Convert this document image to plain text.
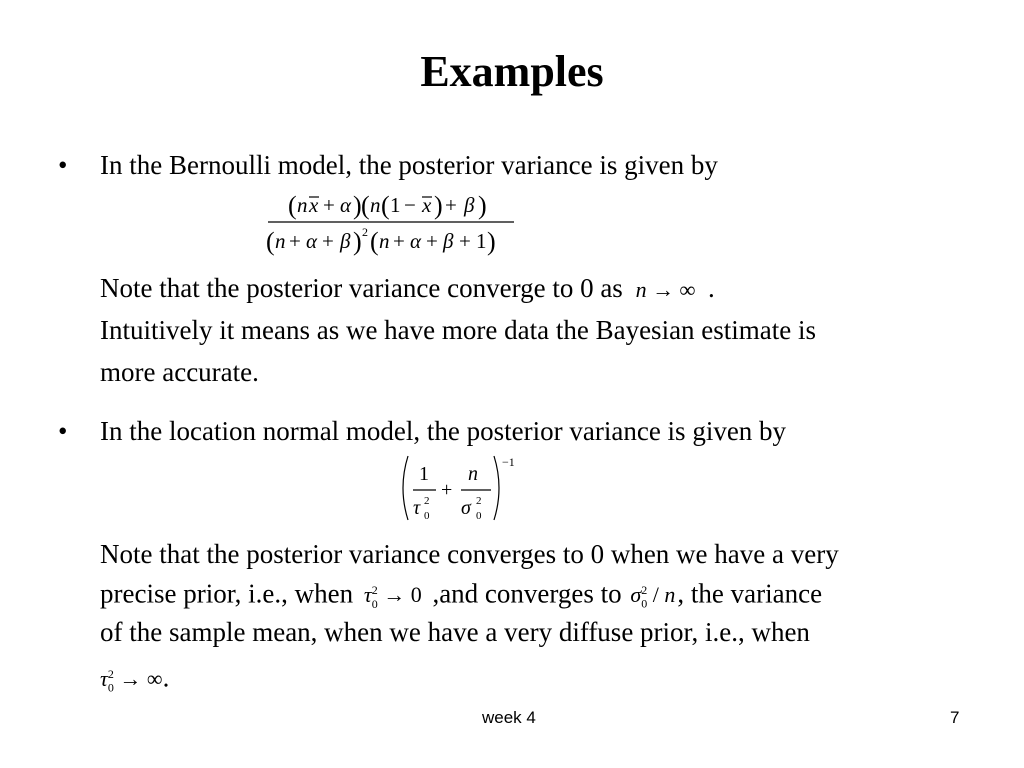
Examples
• In the Bernoulli model, the posterior variance is given by
( n x + α ) ( n ( 1 − x ) + β )
( n + α + β ) 2 ( n + α + β + 1 )
Note that the posterior variance converge to 0 as n → ∞ .
Intuitively it means as we have more data the Bayesian estimate is
more accurate.
• In the location normal model, the posterior variance is given by
1
τ 2
0
+
n
σ 2
0
−1
Note that the posterior variance converges to 0 when we have a very
precise prior, i.e., when $\tau_0^2 \to 0$ ,and converges to $\sigma_0^2$ / n, the variance
of the sample mean, when we have a very diffuse prior, i.e., when
$\tau_0^2$ → ∞.
week 4	7
